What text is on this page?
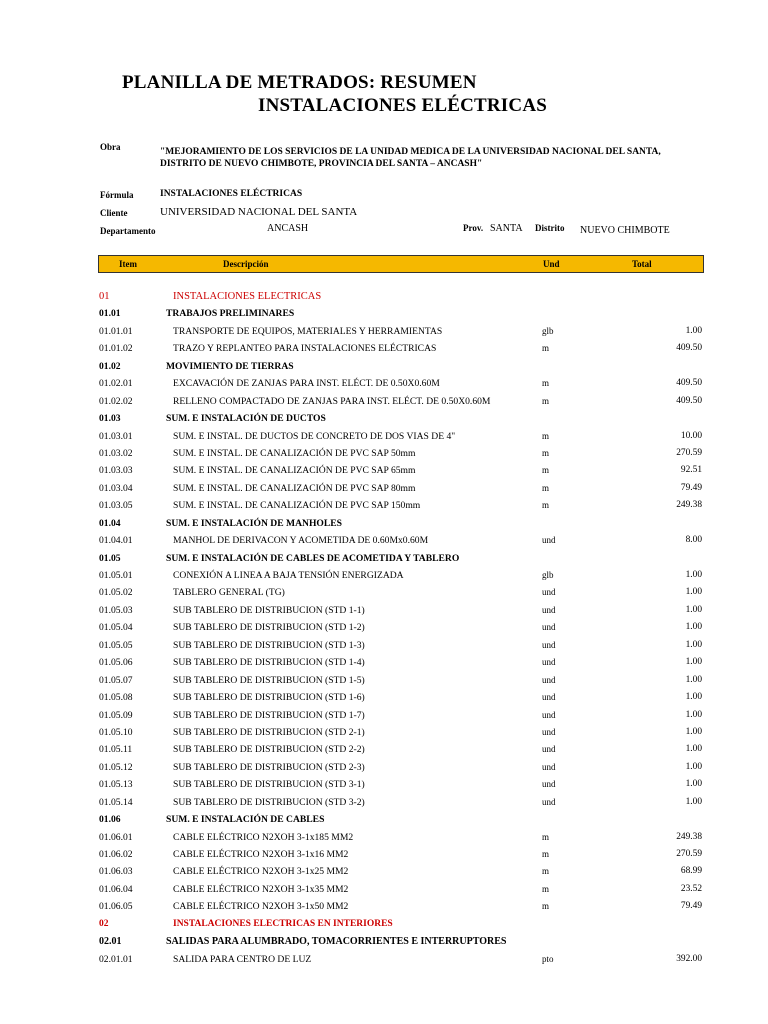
PLANILLA DE METRADOS: RESUMEN
INSTALACIONES ELÉCTRICAS
Obra	"MEJORAMIENTO DE LOS SERVICIOS DE LA UNIDAD MEDICA DE LA UNIVERSIDAD NACIONAL DEL SANTA, DISTRITO DE NUEVO CHIMBOTE, PROVINCIA DEL SANTA – ANCASH"
Fórmula	INSTALACIONES ELÉCTRICAS
Cliente	UNIVERSIDAD NACIONAL DEL SANTA
Departamento	ANCASH	Prov. SANTA Distrito NUEVO CHIMBOTE
Item	Descripción	Und	Total
01	INSTALACIONES ELECTRICAS
01.01	TRABAJOS PRELIMINARES
01.01.01	TRANSPORTE DE EQUIPOS, MATERIALES Y HERRAMIENTAS	glb	1.00
01.01.02	TRAZO Y REPLANTEO PARA INSTALACIONES ELÉCTRICAS	m	409.50
01.02	MOVIMIENTO DE TIERRAS
01.02.01	EXCAVACIÓN DE ZANJAS PARA INST. ELÉCT. DE 0.50X0.60M	m	409.50
01.02.02	RELLENO COMPACTADO DE ZANJAS PARA INST. ELÉCT. DE 0.50X0.60M	m	409.50
01.03	SUM. E INSTALACIÓN DE DUCTOS
01.03.01	SUM. E INSTAL. DE DUCTOS DE CONCRETO DE DOS VIAS DE 4"	m	10.00
01.03.02	SUM. E INSTAL. DE CANALIZACIÓN DE PVC SAP 50mm	m	270.59
01.03.03	SUM. E INSTAL. DE CANALIZACIÓN DE PVC SAP 65mm	m	92.51
01.03.04	SUM. E INSTAL. DE CANALIZACIÓN DE PVC SAP 80mm	m	79.49
01.03.05	SUM. E INSTAL. DE CANALIZACIÓN DE PVC SAP 150mm	m	249.38
01.04	SUM. E INSTALACIÓN DE MANHOLES
01.04.01	MANHOL DE DERIVACON Y ACOMETIDA DE 0.60Mx0.60M	und	8.00
01.05	SUM. E INSTALACIÓN DE CABLES DE ACOMETIDA Y TABLERO
01.05.01	CONEXIÓN A LINEA A BAJA TENSIÓN ENERGIZADA	glb	1.00
01.05.02	TABLERO GENERAL (TG)	und	1.00
01.05.03	SUB TABLERO DE DISTRIBUCION (STD 1-1)	und	1.00
01.05.04	SUB TABLERO DE DISTRIBUCION (STD 1-2)	und	1.00
01.05.05	SUB TABLERO DE DISTRIBUCION (STD 1-3)	und	1.00
01.05.06	SUB TABLERO DE DISTRIBUCION (STD 1-4)	und	1.00
01.05.07	SUB TABLERO DE DISTRIBUCION (STD 1-5)	und	1.00
01.05.08	SUB TABLERO DE DISTRIBUCION (STD 1-6)	und	1.00
01.05.09	SUB TABLERO DE DISTRIBUCION (STD 1-7)	und	1.00
01.05.10	SUB TABLERO DE DISTRIBUCION (STD 2-1)	und	1.00
01.05.11	SUB TABLERO DE DISTRIBUCION (STD 2-2)	und	1.00
01.05.12	SUB TABLERO DE DISTRIBUCION (STD 2-3)	und	1.00
01.05.13	SUB TABLERO DE DISTRIBUCION (STD 3-1)	und	1.00
01.05.14	SUB TABLERO DE DISTRIBUCION (STD 3-2)	und	1.00
01.06	SUM. E INSTALACIÓN DE CABLES
01.06.01	CABLE ELÉCTRICO N2XOH 3-1x185 MM2	m	249.38
01.06.02	CABLE ELÉCTRICO N2XOH 3-1x16 MM2	m	270.59
01.06.03	CABLE ELÉCTRICO N2XOH 3-1x25 MM2	m	68.99
01.06.04	CABLE ELÉCTRICO N2XOH 3-1x35 MM2	m	23.52
01.06.05	CABLE ELÉCTRICO N2XOH 3-1x50 MM2	m	79.49
02	INSTALACIONES ELECTRICAS EN INTERIORES
02.01	SALIDAS PARA ALUMBRADO, TOMACORRIENTES E INTERRUPTORES
02.01.01	SALIDA PARA CENTRO DE LUZ	pto	392.00
